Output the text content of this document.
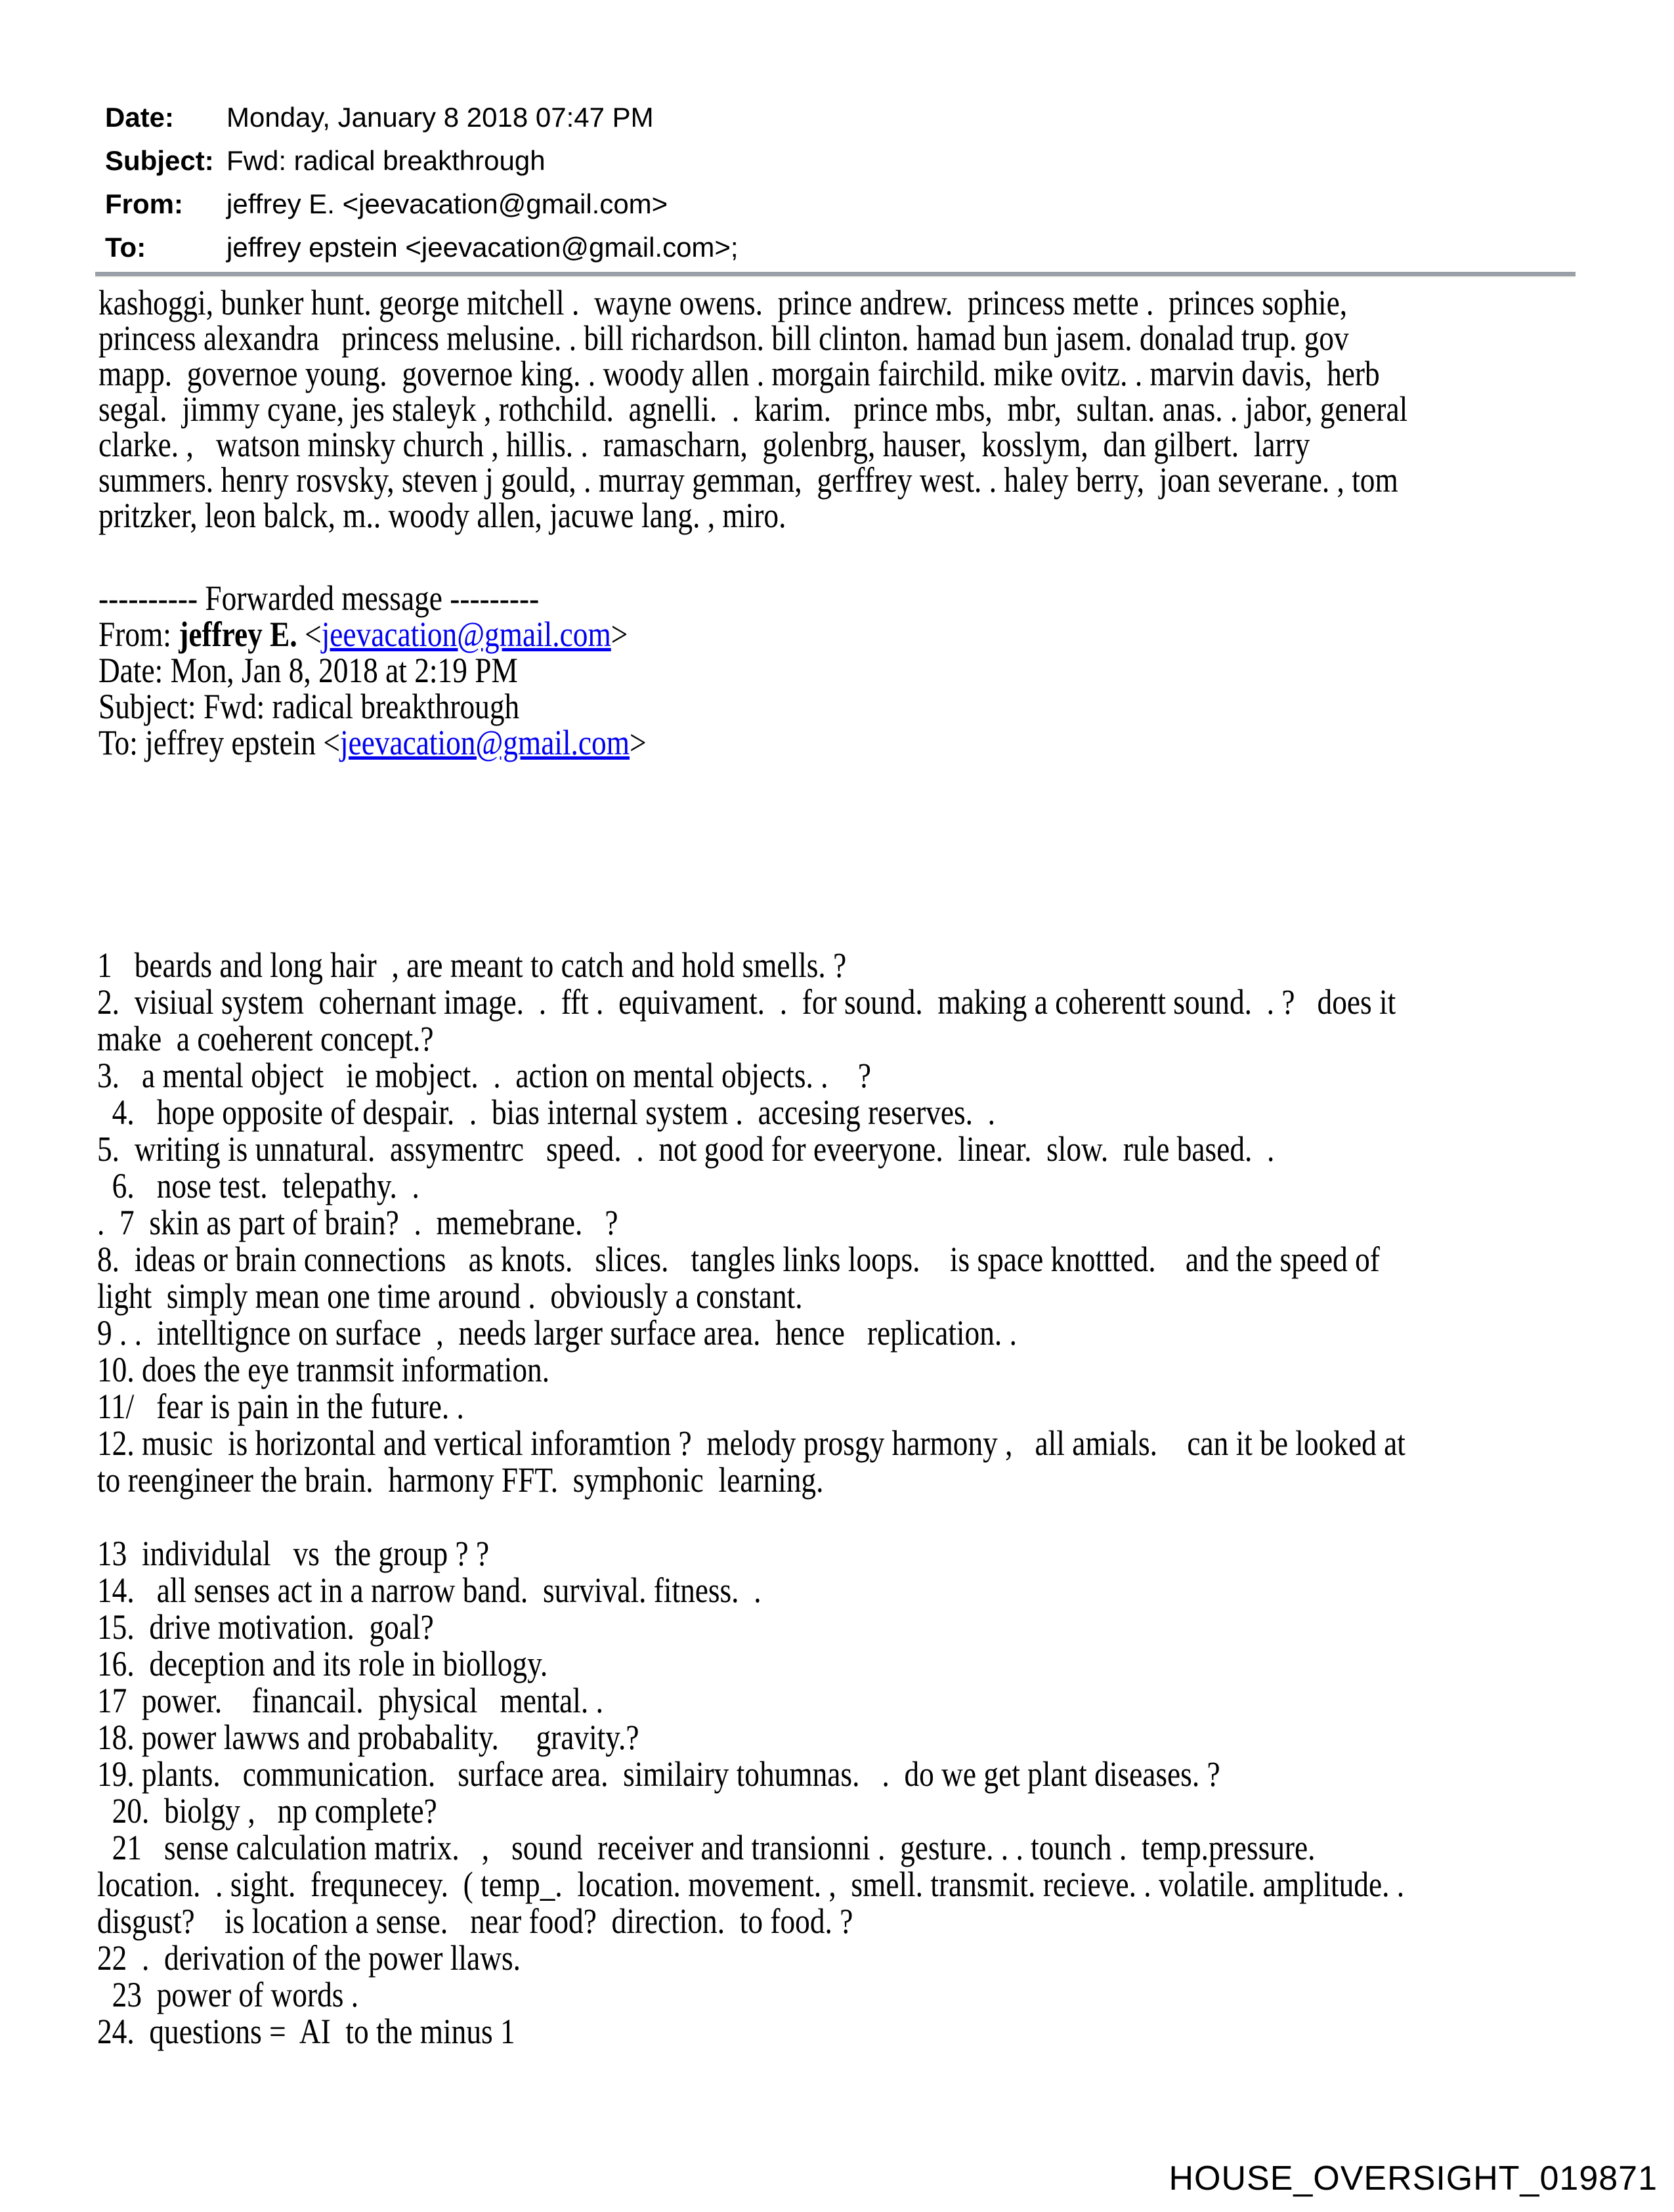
Date:	Monday, January 8 2018 07:47 PM
Subject: Fwd: radical breakthrough
From:	jeffrey E. <jeevacation@gmail.com>
To:	jeffrey epstein <jeevacation@gmail.com>;
kashoggi, bunker hunt. george mitchell .  wayne owens.  prince andrew.  princess mette .  princes sophie,
princess alexandra   princess melusine. . bill richardson. bill clinton. hamad bun jasem. donalad trup. gov
mapp.  governoe young.  governoe king. . woody allen . morgain fairchild. mike ovitz. . marvin davis,  herb
segal.  jimmy cyane, jes staleyk , rothchild.  agnelli.  .  karim.   prince mbs,  mbr,  sultan. anas. . jabor, general
clarke. ,   watson minsky church , hillis. .  ramascharn,  golenbrg, hauser,  kosslym,  dan gilbert.  larry
summers. henry rosvsky, steven j gould, . murray gemman,  gerffrey west. . haley berry,  joan severane. , tom
pritzker, leon balck, m.. woody allen, jacuwe lang. , miro.
---------- Forwarded message ---------
From: jeffrey E. <jeevacation@gmail.com>
Date: Mon, Jan 8, 2018 at 2:19 PM
Subject: Fwd: radical breakthrough
To: jeffrey epstein <jeevacation@gmail.com>
1   beards and long hair  , are meant to catch and hold smells. ?
2.  visiual system  cohernant image.  .  fft .  equivament.  .  for sound.  making a coherentt sound.  . ?   does it
make  a coeherent concept.?
3.   a mental object   ie mobject.  .  action on mental objects. .    ?
4.   hope opposite of despair.  .  bias internal system .  accesing reserves.  .
5.  writing is unnatural.  assymentrc   speed.  .  not good for eveeryone.  linear.  slow.  rule based.  .
6.   nose test.  telepathy.  .
.  7  skin as part of brain?  .  memebrane.   ?
8.  ideas or brain connections   as knots.   slices.   tangles links loops.    is space knottted.    and the speed of
light  simply mean one time around .  obviously a constant.
9 . .  intelltignce on surface  ,  needs larger surface area.  hence   replication. .
10. does the eye tranmsit information.
11/   fear is pain in the future. .
12. music  is horizontal and vertical inforamtion ?  melody prosgy harmony ,   all amials.    can it be looked at
to reengineer the brain.  harmony FFT.  symphonic  learning.

13  individulal   vs  the group ? ?
14.   all senses act in a narrow band.  survival. fitness.  .
15.  drive motivation.  goal?
16.  deception and its role in biollogy.
17  power.    financail.  physical   mental. .
18. power lawws and probabality.     gravity.?
19. plants.   communication.   surface area.  similairy tohumnas.   .  do we get plant diseases. ?
20.  biolgy ,   np complete?
21   sense calculation matrix.   ,   sound  receiver and transionni .  gesture. . . tounch .  temp.pressure.
location.  . sight.  frequnecey.  ( temp_.  location. movement. ,  smell. transmit. recieve. . volatile. amplitude. .
disgust?    is location a sense.   near food?  direction.  to food. ?
22  .  derivation of the power llaws.
23  power of words .
24.  questions =  AI  to the minus 1
HOUSE_OVERSIGHT_019871
